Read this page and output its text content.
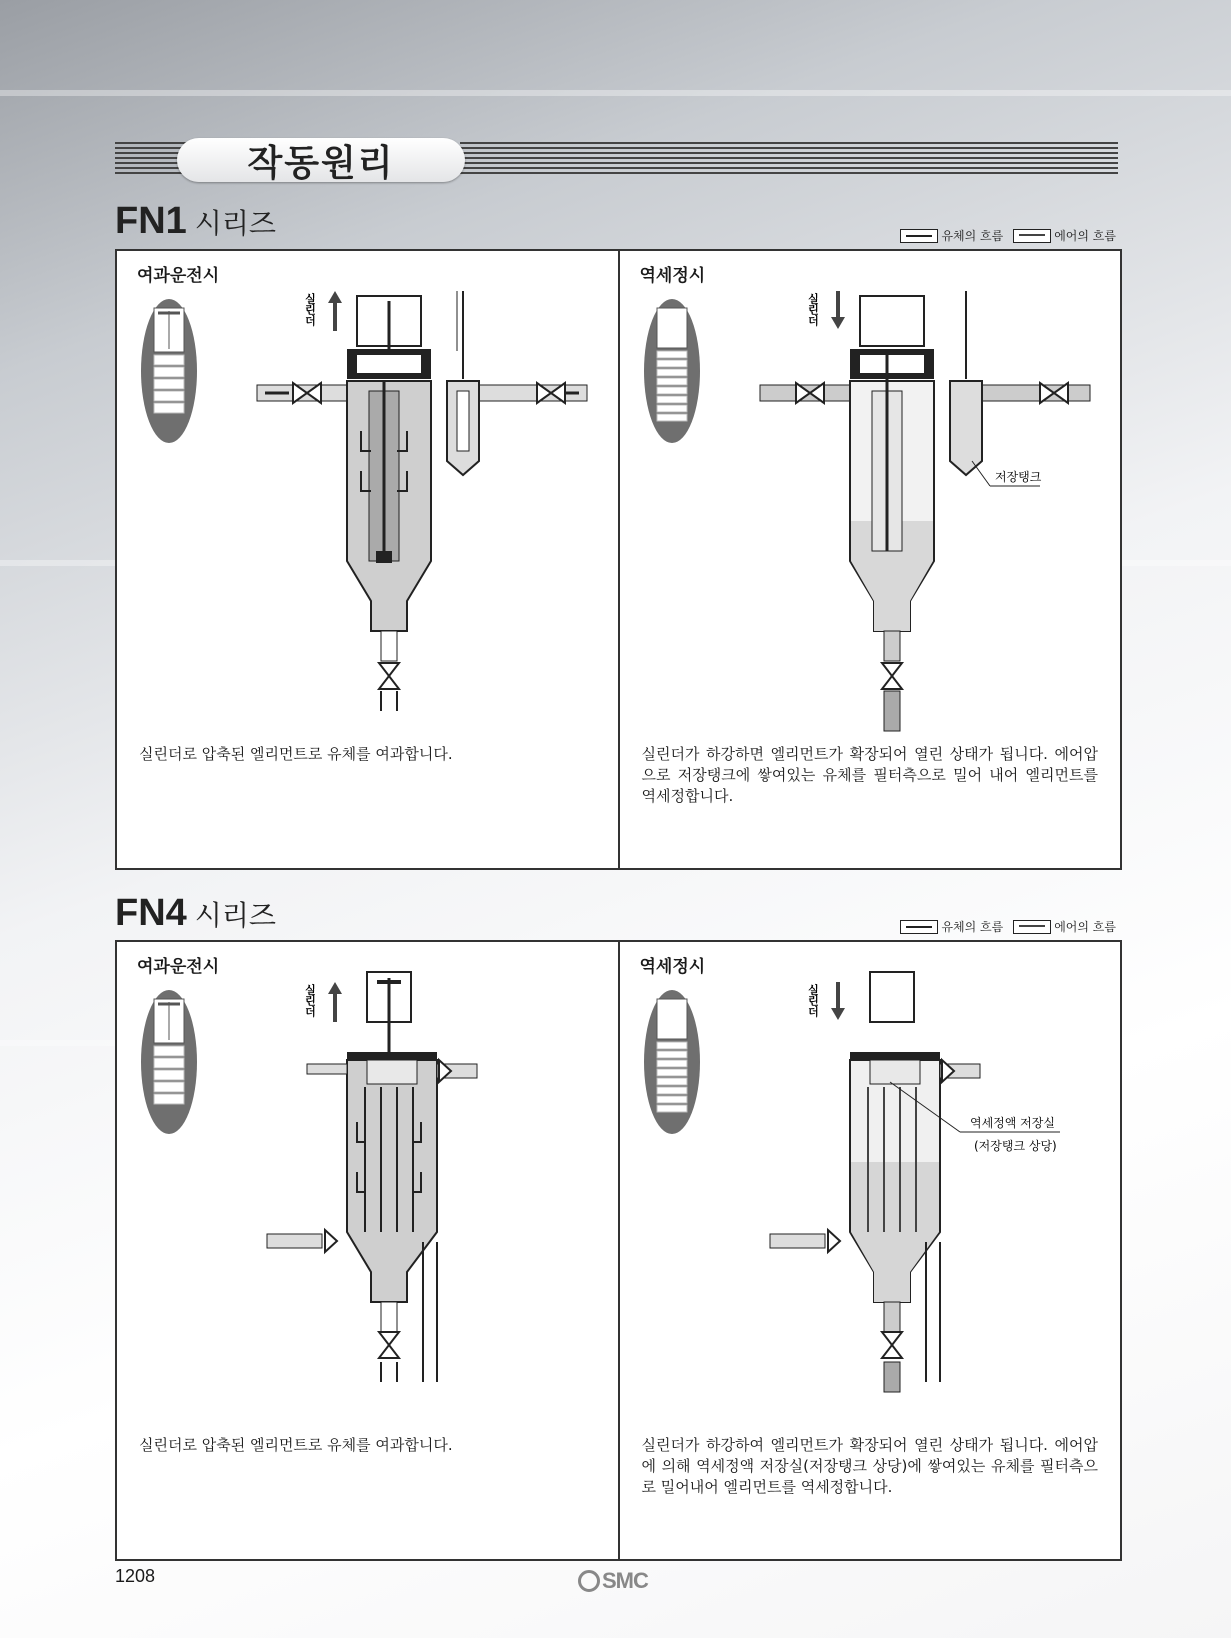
작동원리
FN1 시리즈	유체의 흐름	에어의 흐름
여과운전시
실린더
실린더로 압축된 엘리먼트로 유체를 여과합니다.
역세정시
실린더
저장탱크
실린더가 하강하면 엘리먼트가 확장되어 열린 상태가 됩니다. 에어압으로 저장탱크에 쌓여있는 유체를 필터측으로 밀어 내어 엘리먼트를 역세정합니다.
FN4 시리즈	유체의 흐름	에어의 흐름
여과운전시
실린더
실린더로 압축된 엘리먼트로 유체를 여과합니다.
역세정시
실린더
역세정액 저장실
(저장탱크 상당)
실린더가 하강하여 엘리먼트가 확장되어 열린 상태가 됩니다. 에어압에 의해 역세정액 저장실(저장탱크 상당)에 쌓여있는 유체를 필터측으로 밀어내어 엘리먼트를 역세정합니다.
1208	SMC
